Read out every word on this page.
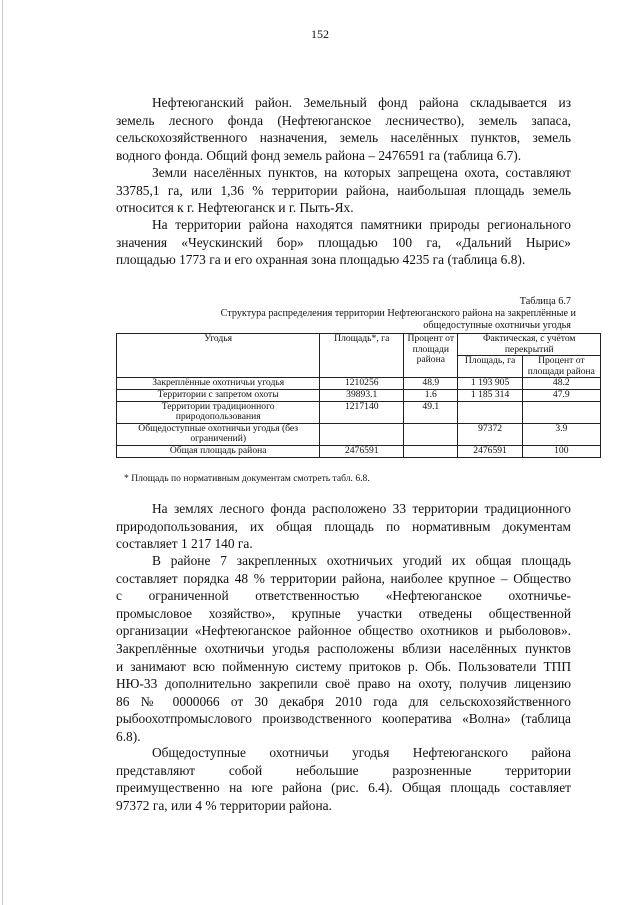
152
Нефтеюганский район. Земельный фонд района складывается из
земель лесного фонда (Нефтеюганское лесничество), земель запаса,
сельскохозяйственного назначения, земель населённых пунктов, земель
водного фонда. Общий фонд земель района – 2476591 га (таблица 6.7).
Земли населённых пунктов, на которых запрещена охота, составляют
33785,1 га, или 1,36 % территории района, наибольшая площадь земель
относится к г. Нефтеюганск и г. Пыть-Ях.
На территории района находятся памятники природы регионального
значения «Чеускинский бор» площадью 100 га, «Дальний Нырис»
площадью 1773 га и его охранная зона площадью 4235 га (таблица 6.8).
Таблица 6.7
Структура распределения территории Нефтеюганского района на закреплённые и
общедоступные охотничьи угодья
Угодья	Площадь*, га	Процент от площади района	Фактическая, с учётом перекрытий	
			Площадь, га	Процент от площади района
Закреплённые охотничьи угодья	1210256	48.9	1 193 905	48.2
Территории с запретом охоты	39893.1	1.6	1 185 314	47.9
Территории традиционного природопользования	1217140	49.1		
Общедоступные охотничьи угодья (без ограничений)			97372	3.9
Общая площадь района	2476591		2476591	100
* Площадь по нормативным документам смотреть табл. 6.8.
На землях лесного фонда расположено 33 территории традиционного
природопользования, их общая площадь по нормативным документам
составляет 1 217 140 га.
В районе 7 закрепленных охотничьих угодий их общая площадь
составляет порядка 48 % территории района, наиболее крупное – Общество
с ограниченной ответственностью «Нефтеюганское охотничье-
промысловое хозяйство», крупные участки отведены общественной
организации «Нефтеюганское районное общество охотников и рыболовов».
Закреплённые охотничьи угодья расположены вблизи населённых пунктов
и занимают всю пойменную систему притоков р. Обь. Пользователи ТПП
НЮ-33 дополнительно закрепили своё право на охоту, получив лицензию
86 № 0000066 от 30 декабря 2010 года для сельскохозяйственного
рыбоохотпромыслового производственного кооператива «Волна» (таблица
6.8).
Общедоступные охотничьи угодья Нефтеюганского района
представляют собой небольшие разрозненные территории
преимущественно на юге района (рис. 6.4). Общая площадь составляет
97372 га, или 4 % территории района.
